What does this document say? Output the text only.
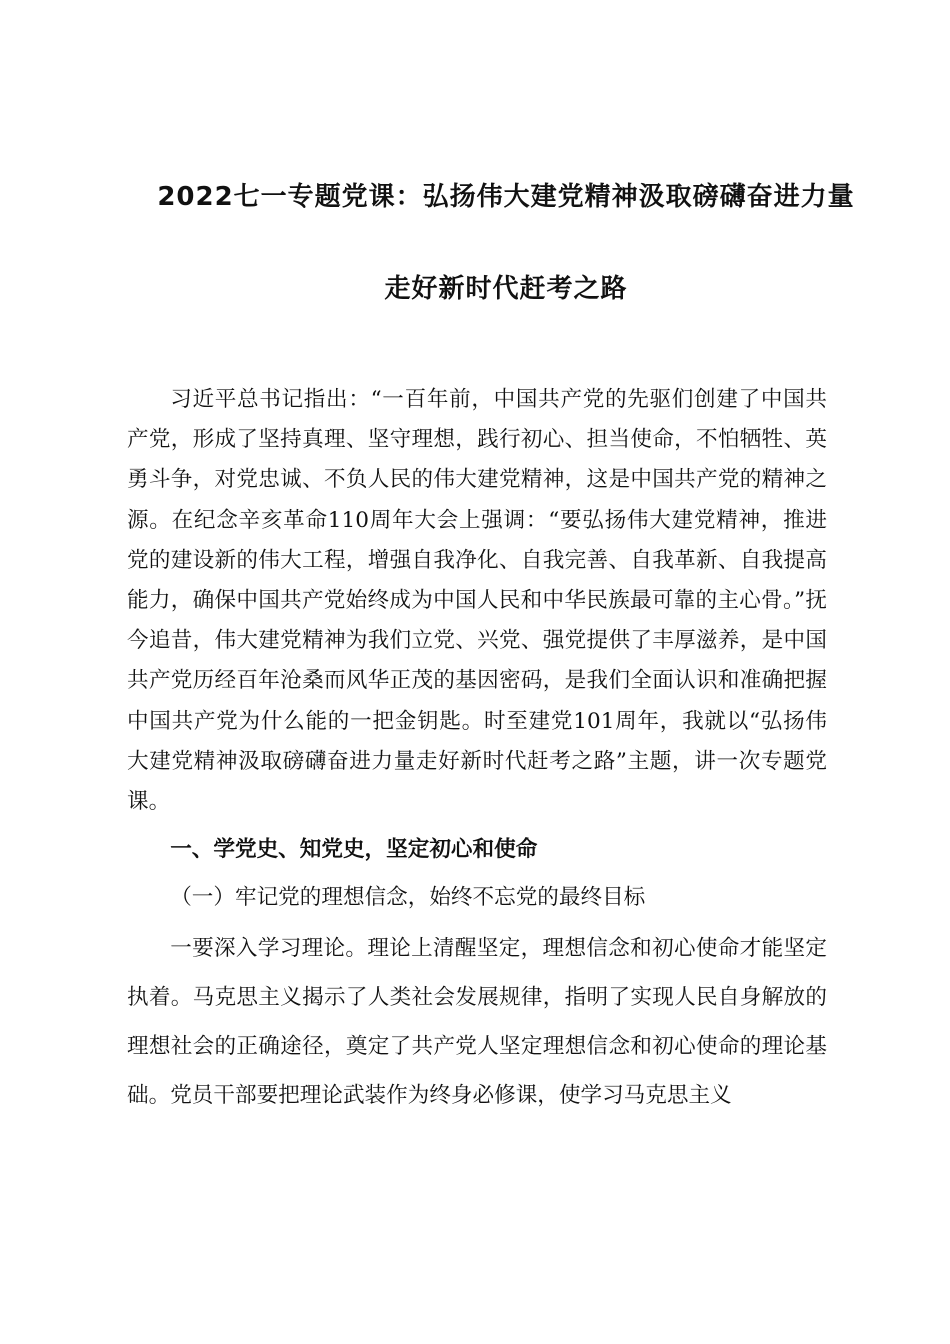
2022七一专题党课：弘扬伟大建党精神汲取磅礴奋进力量
走好新时代赶考之路

习近平总书记指出：“一百年前，中国共产党的先驱们创建了中国共产党，形成了坚持真理、坚守理想，践行初心、担当使命，不怕牺牲、英勇斗争，对党忠诚、不负人民的伟大建党精神，这是中国共产党的精神之源。在纪念辛亥革命110周年大会上强调：“要弘扬伟大建党精神，推进党的建设新的伟大工程，增强自我净化、自我完善、自我革新、自我提高能力，确保中国共产党始终成为中国人民和中华民族最可靠的主心骨。”抚今追昔，伟大建党精神为我们立党、兴党、强党提供了丰厚滋养，是中国共产党历经百年沧桑而风华正茂的基因密码，是我们全面认识和准确把握中国共产党为什么能的一把金钥匙。时至建党101周年，我就以“弘扬伟大建党精神汲取磅礴奋进力量走好新时代赶考之路”主题，讲一次专题党课。

一、学党史、知党史，坚定初心和使命

（一）牢记党的理想信念，始终不忘党的最终目标

一要深入学习理论。理论上清醒坚定，理想信念和初心使命才能坚定执着。马克思主义揭示了人类社会发展规律，指明了实现人民自身解放的理想社会的正确途径，奠定了共产党人坚定理想信念和初心使命的理论基础。党员干部要把理论武装作为终身必修课，使学习马克思主义
